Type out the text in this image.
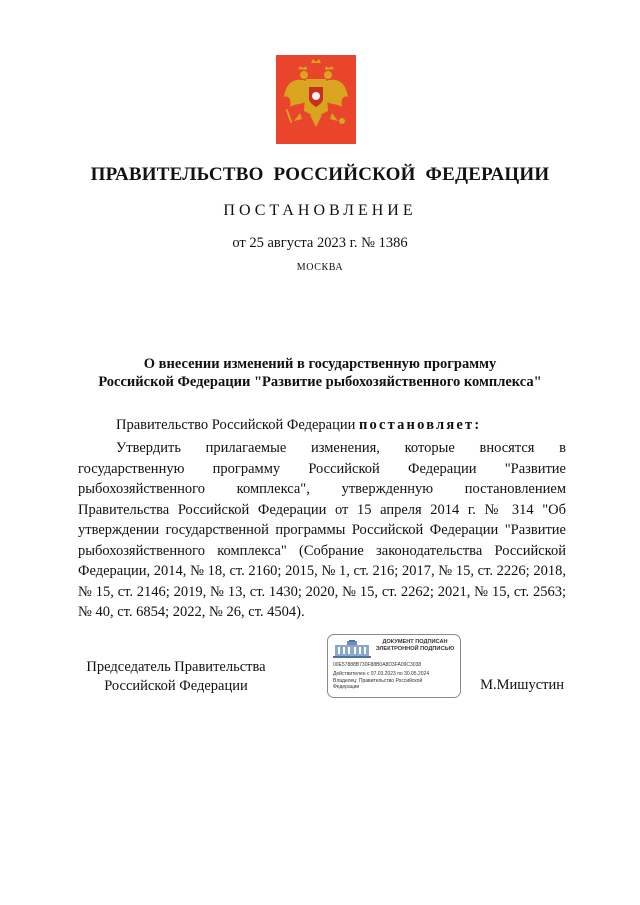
ПРАВИТЕЛЬСТВО РОССИЙСКОЙ ФЕДЕРАЦИИ
ПОСТАНОВЛЕНИЕ
от 25 августа 2023 г. № 1386
МОСКВА
О внесении изменений в государственную программу
Российской Федерации "Развитие рыбохозяйственного комплекса"
Правительство Российской Федерации постановляет:

Утвердить прилагаемые изменения, которые вносятся в государственную программу Российской Федерации "Развитие рыбохозяйственного комплекса", утвержденную постановлением Правительства Российской Федерации от 15 апреля 2014 г. № 314 "Об утверждении государственной программы Российской Федерации "Развитие рыбохозяйственного комплекса" (Собрание законодательства Российской Федерации, 2014, № 18, ст. 2160; 2015, № 1, ст. 216; 2017, № 15, ст. 2226; 2018, № 15, ст. 2146; 2019, № 13, ст. 1430; 2020, № 15, ст. 2262; 2021, № 15, ст. 2563; № 40, ст. 6854; 2022, № 26, ст. 4504).

Председатель Правительства
Российской Федерации
ДОКУМЕНТ ПОДПИСАН
ЭЛЕКТРОННОЙ ПОДПИСЬЮ
00E57888B730F88B0A8D3FA09C3038
Действителен с 07.03.2023 по 30.05.2024
Владелец: Правительство Российской Федерации	М.Мишустин
